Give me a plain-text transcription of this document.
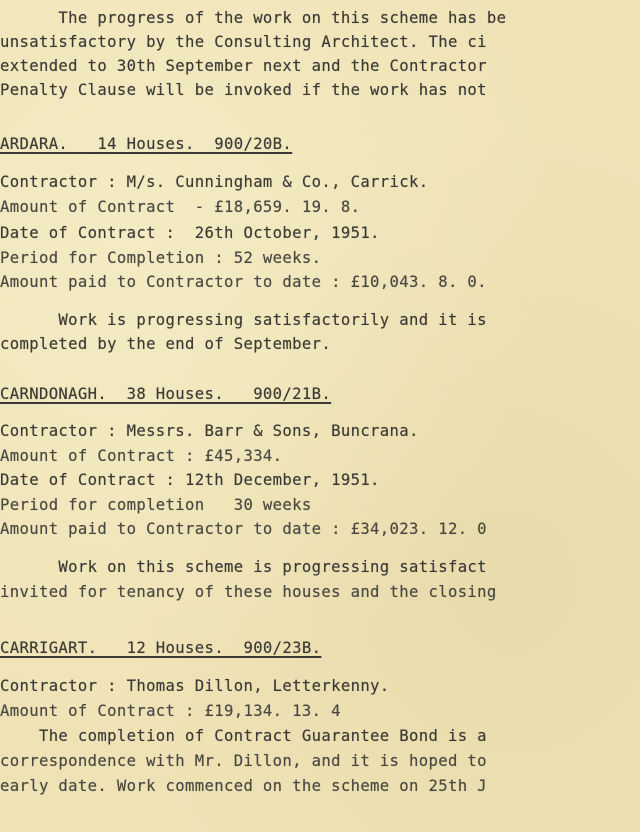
The progress of the work on this scheme has be
unsatisfactory by the Consulting Architect. The ci
extended to 30th September next and the Contractor
Penalty Clause will be invoked if the work has not
ARDARA.   14 Houses.  900/20B.
Contractor : M/s. Cunningham & Co., Carrick.
Amount of Contract  - £18,659. 19. 8.
Date of Contract :  26th October, 1951.
Period for Completion : 52 weeks.
Amount paid to Contractor to date : £10,043. 8. 0.
Work is progressing satisfactorily and it is
completed by the end of September.
CARNDONAGH.  38 Houses.   900/21B.
Contractor : Messrs. Barr & Sons, Buncrana.
Amount of Contract : £45,334.
Date of Contract : 12th December, 1951.
Period for completion   30 weeks
Amount paid to Contractor to date : £34,023. 12. 0
Work on this scheme is progressing satisfact
invited for tenancy of these houses and the closing
CARRIGART.   12 Houses.  900/23B.
Contractor : Thomas Dillon, Letterkenny.
Amount of Contract : £19,134. 13. 4
The completion of Contract Guarantee Bond is a
correspondence with Mr. Dillon, and it is hoped to
early date. Work commenced on the scheme on 25th J
